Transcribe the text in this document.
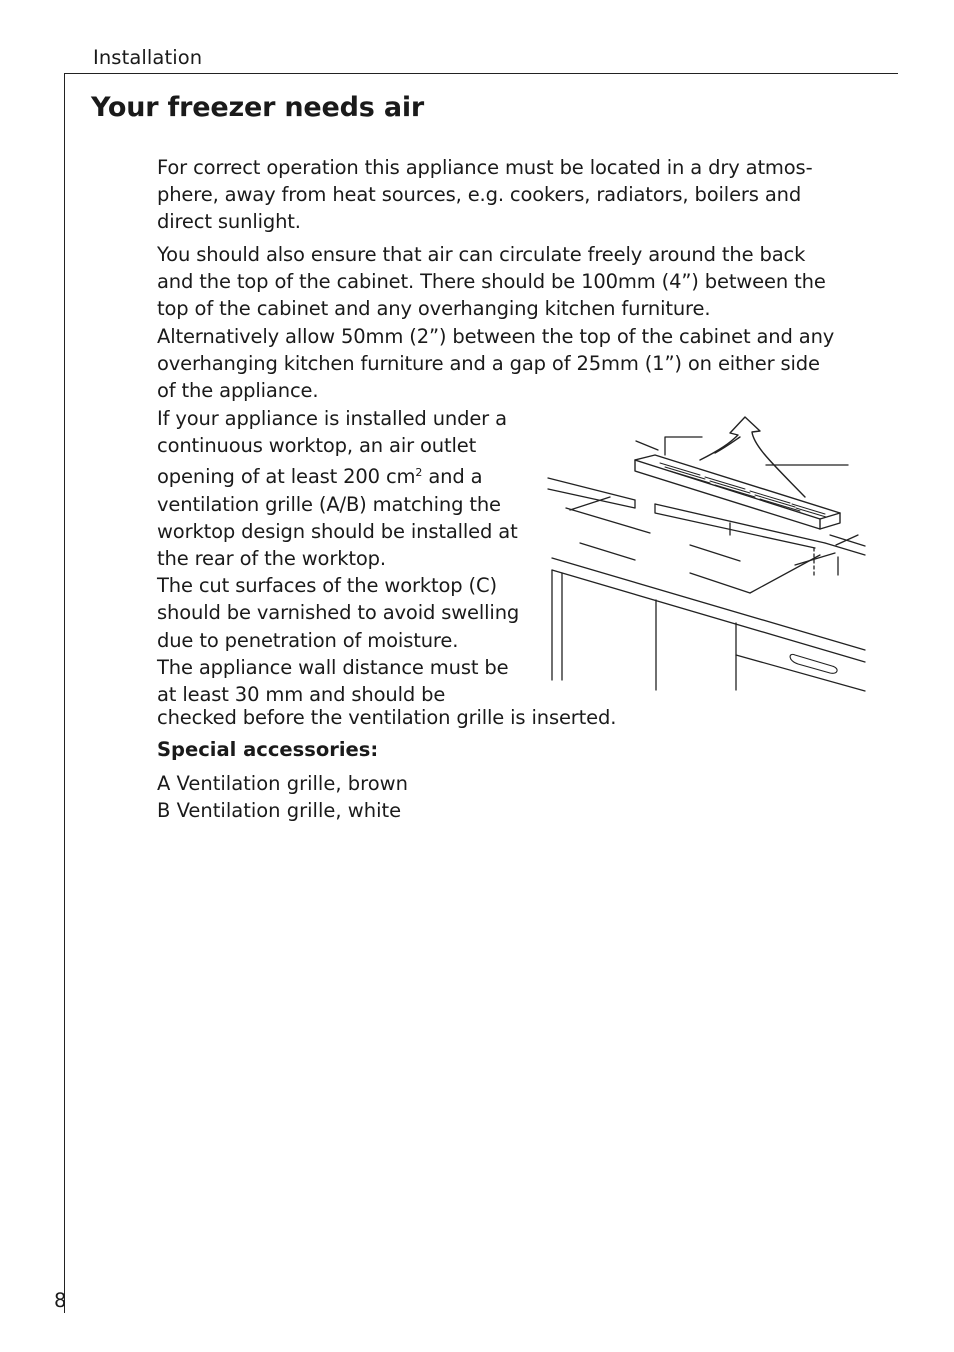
Installation
Your freezer needs air

For correct operation this appliance must be located in a dry atmos-
phere, away from heat sources, e.g. cookers, radiators, boilers and
direct sunlight.

You should also ensure that air can circulate freely around the back
and the top of the cabinet. There should be 100mm (4”) between the
top of the cabinet and any overhanging kitchen furniture.
Alternatively allow 50mm (2”) between the top of the cabinet and any
overhanging kitchen furniture and a gap of 25mm (1”) on either side
of the appliance.

If your appliance is installed under a
continuous worktop, an air outlet
opening of at least 200 $cm^2$ and a
ventilation grille (A/B) matching the
worktop design should be installed at
the rear of the worktop.
The cut surfaces of the worktop (C)
should be varnished to avoid swelling
due to penetration of moisture.
The appliance wall distance must be
at least 30 mm and should be

checked before the ventilation grille is inserted.

Special accessories:
A Ventilation grille, brown
B Ventilation grille, white
8
